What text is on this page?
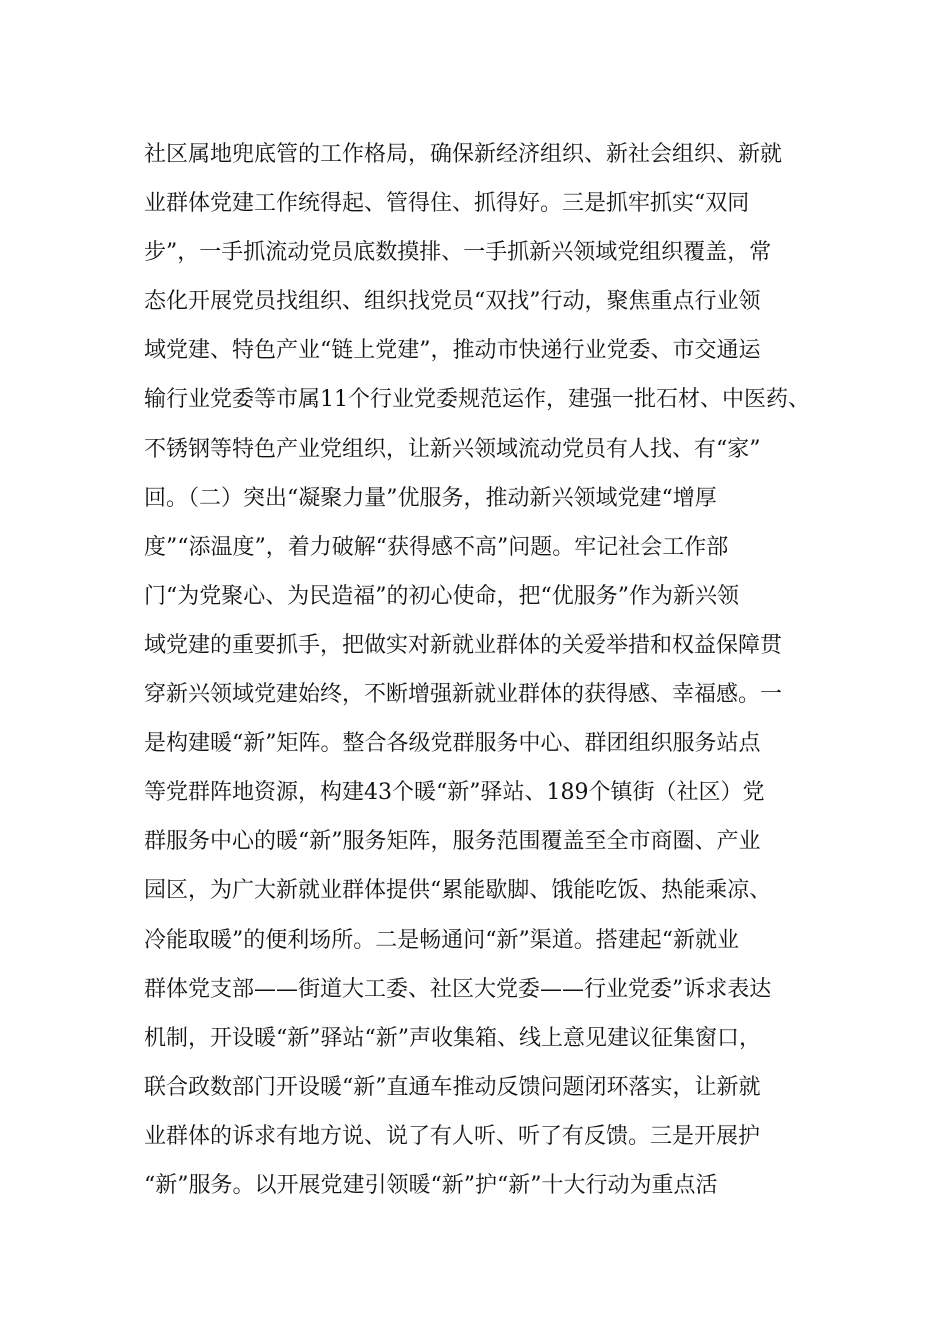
社区属地兜底管的工作格局，确保新经济组织、新社会组织、新就
业群体党建工作统得起、管得住、抓得好。三是抓牢抓实“双同
步”，一手抓流动党员底数摸排、一手抓新兴领域党组织覆盖，常
态化开展党员找组织、组织找党员“双找”行动，聚焦重点行业领
域党建、特色产业“链上党建”，推动市快递行业党委、市交通运
输行业党委等市属11个行业党委规范运作，建强一批石材、中医药、
不锈钢等特色产业党组织，让新兴领域流动党员有人找、有“家”
回。（二）突出“凝聚力量”优服务，推动新兴领域党建“增厚
度”“添温度”，着力破解“获得感不高”问题。牢记社会工作部
门“为党聚心、为民造福”的初心使命，把“优服务”作为新兴领
域党建的重要抓手，把做实对新就业群体的关爱举措和权益保障贯
穿新兴领域党建始终，不断增强新就业群体的获得感、幸福感。一
是构建暖“新”矩阵。整合各级党群服务中心、群团组织服务站点
等党群阵地资源，构建43个暖“新”驿站、189个镇街（社区）党
群服务中心的暖“新”服务矩阵，服务范围覆盖至全市商圈、产业
园区，为广大新就业群体提供“累能歇脚、饿能吃饭、热能乘凉、
冷能取暖”的便利场所。二是畅通问“新”渠道。搭建起“新就业
群体党支部——街道大工委、社区大党委——行业党委”诉求表达
机制，开设暖“新”驿站“新”声收集箱、线上意见建议征集窗口，
联合政数部门开设暖“新”直通车推动反馈问题闭环落实，让新就
业群体的诉求有地方说、说了有人听、听了有反馈。三是开展护
“新”服务。以开展党建引领暖“新”护“新”十大行动为重点活
